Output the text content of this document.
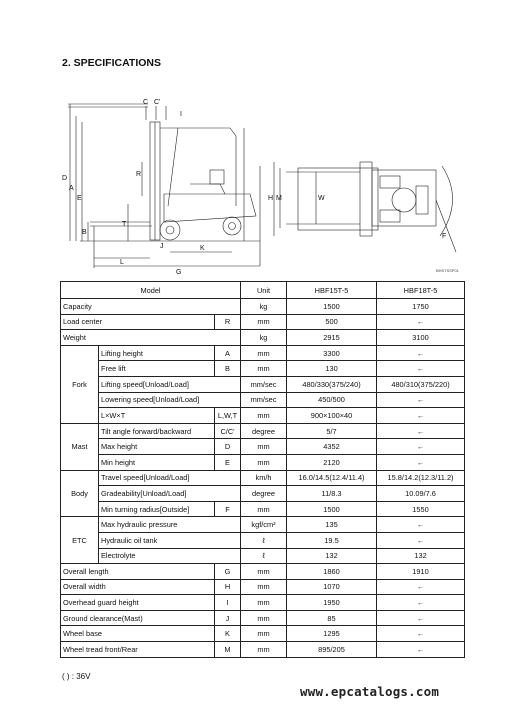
2. SPECIFICATIONS
C C'
I
R
D
A
E
B
T
J
L
K
G
H M	W
F
BHS7SSP01
Model			Unit	HBF15T-5	HBF18T-5
Capacity			kg	1500	1750
Load center		R	mm	500	←
Weight			kg	2915	3100
Fork	Lifting height	A	mm	3300	←
	Free lift	B	mm	130	←
	Lifting speed[Unload/Load]		mm/sec	480/330(375/240)	480/310(375/220)
	Lowering speed[Unload/Load]		mm/sec	450/500	←
	L×W×T	L,W,T	mm	900×100×40	←
Mast	Tilt angle forward/backward	C/C'	degree	5/7	←
	Max height	D	mm	4352	←
	Min height	E	mm	2120	←
Body	Travel speed[Unload/Load]		km/h	16.0/14.5(12.4/11.4)	15.8/14.2(12.3/11.2)
	Gradeability[Unload/Load]		degree	11/8.3	10.09/7.6
	Min turning radius[Outside]	F	mm	1500	1550
ETC	Max hydraulic pressure		kgf/cm²	135	←
	Hydraulic oil tank		ℓ	19.5	←
	Electrolyte		ℓ	132	132
Overall length		G	mm	1860	1910
Overall width		H	mm	1070	←
Overhead guard height		I	mm	1950	←
Ground clearance(Mast)		J	mm	85	←
Wheel base		K	mm	1295	←
Wheel tread front/Rear		M	mm	895/205	←
( ) : 36V
www.epcatalogs.com
